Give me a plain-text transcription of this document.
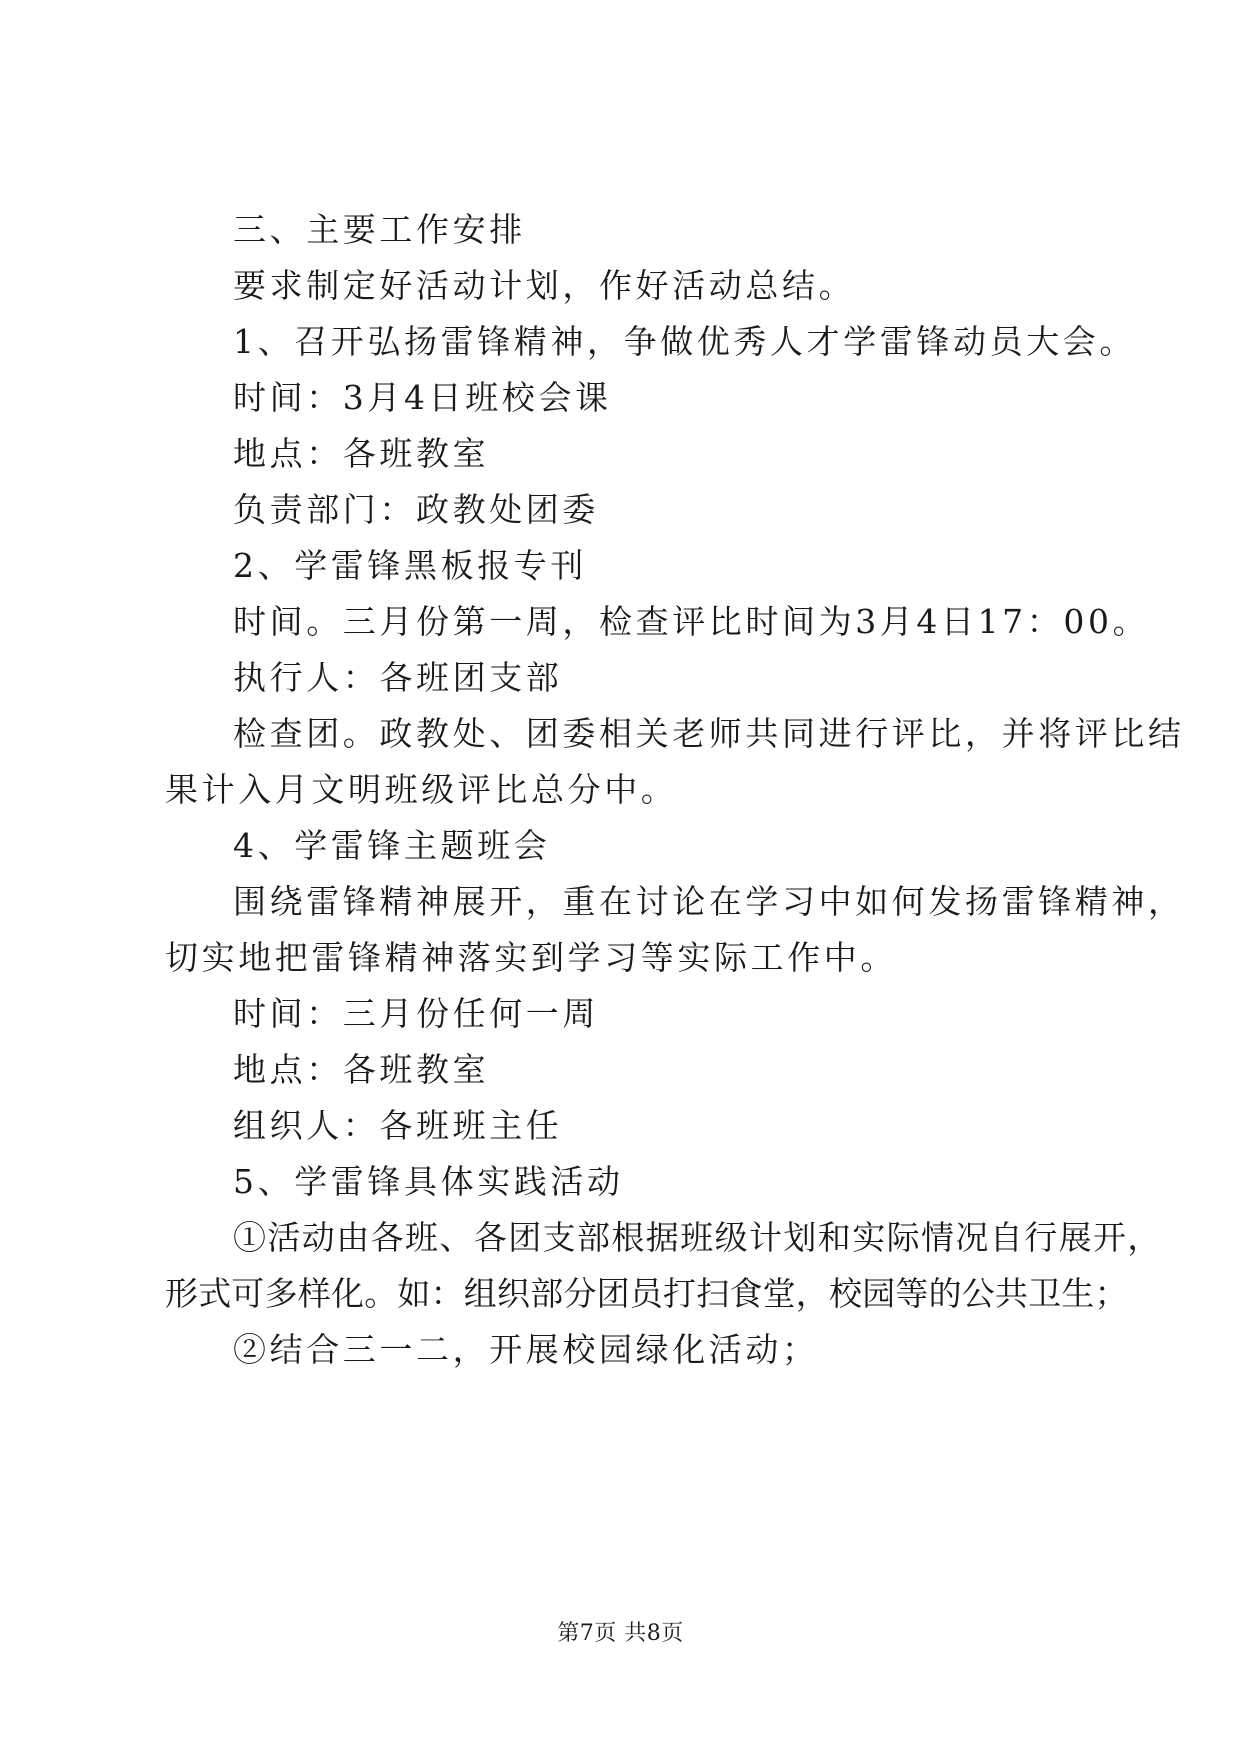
三、主要工作安排
要求制定好活动计划，作好活动总结。
1、召开弘扬雷锋精神，争做优秀人才学雷锋动员大会。
时间：3月4日班校会课
地点：各班教室
负责部门：政教处团委
2、学雷锋黑板报专刊
时间。三月份第一周，检查评比时间为3月4日17：00。
执行人：各班团支部
检查团。政教处、团委相关老师共同进行评比，并将评比结
果计入月文明班级评比总分中。
4、学雷锋主题班会
围绕雷锋精神展开，重在讨论在学习中如何发扬雷锋精神，
切实地把雷锋精神落实到学习等实际工作中。
时间：三月份任何一周
地点：各班教室
组织人：各班班主任
5、学雷锋具体实践活动
①活动由各班、各团支部根据班级计划和实际情况自行展开，
形式可多样化。如：组织部分团员打扫食堂，校园等的公共卫生；
②结合三一二，开展校园绿化活动；
第7页 共8页
